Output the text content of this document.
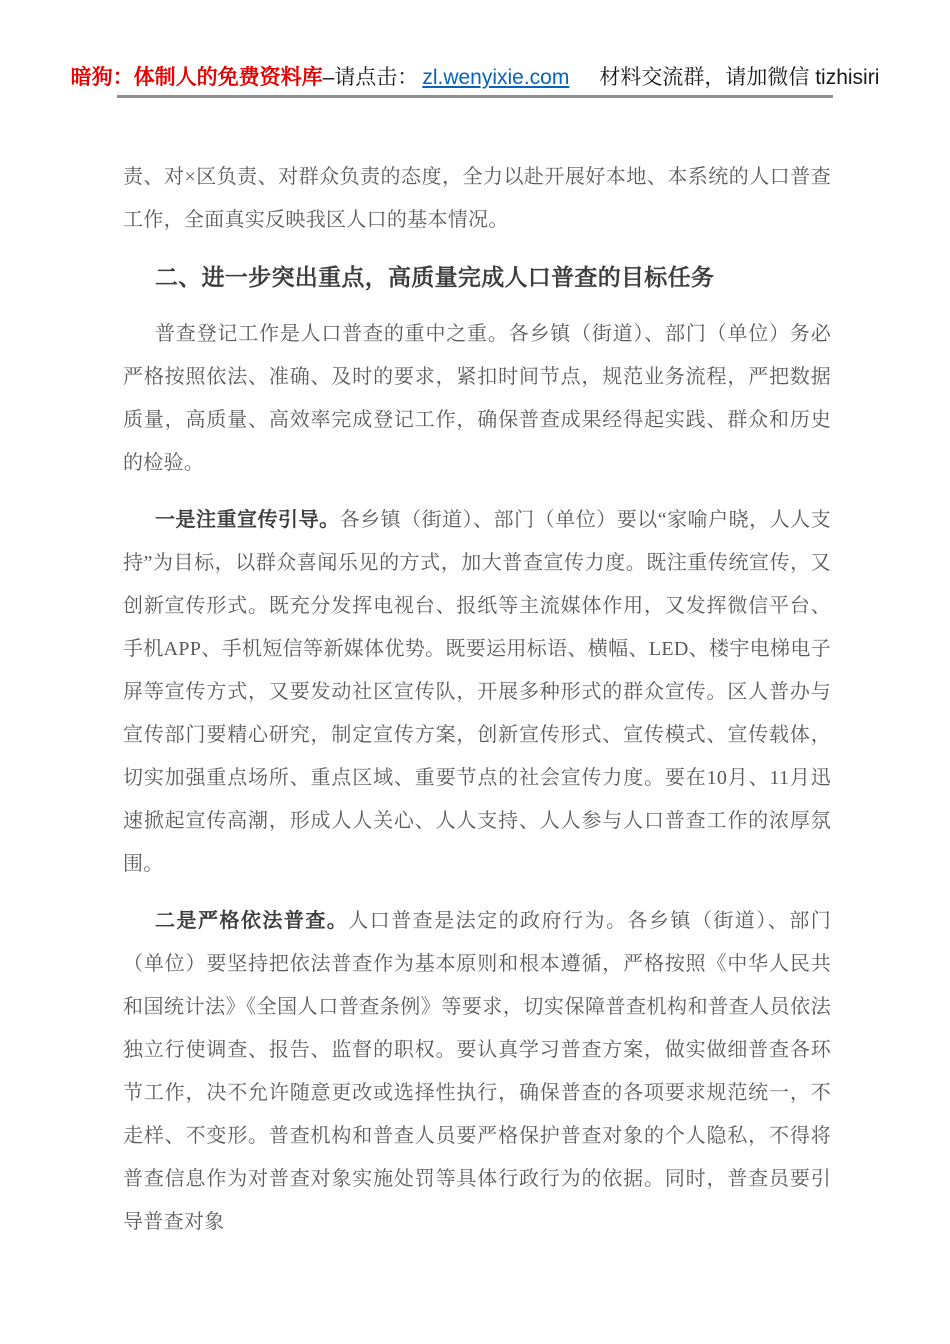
暗狗：体制人的免费资料库–请点击： zl.wenyixie.com 材料交流群，请加微信 tizhisiri

责、对×区负责、对群众负责的态度，全力以赴开展好本地、本系统的人口普查工作，全面真实反映我区人口的基本情况。

二、进一步突出重点，高质量完成人口普查的目标任务

普查登记工作是人口普查的重中之重。各乡镇（街道）、部门（单位）务必严格按照依法、准确、及时的要求，紧扣时间节点，规范业务流程，严把数据质量，高质量、高效率完成登记工作，确保普查成果经得起实践、群众和历史的检验。

一是注重宣传引导。各乡镇（街道）、部门（单位）要以“家喻户晓，人人支持”为目标，以群众喜闻乐见的方式，加大普查宣传力度。既注重传统宣传，又创新宣传形式。既充分发挥电视台、报纸等主流媒体作用，又发挥微信平台、手机APP、手机短信等新媒体优势。既要运用标语、横幅、LED、楼宇电梯电子屏等宣传方式，又要发动社区宣传队，开展多种形式的群众宣传。区人普办与宣传部门要精心研究，制定宣传方案，创新宣传形式、宣传模式、宣传载体，切实加强重点场所、重点区域、重要节点的社会宣传力度。要在10月、11月迅速掀起宣传高潮，形成人人关心、人人支持、人人参与人口普查工作的浓厚氛围。

二是严格依法普查。人口普查是法定的政府行为。各乡镇（街道）、部门（单位）要坚持把依法普查作为基本原则和根本遵循，严格按照《中华人民共和国统计法》《全国人口普查条例》等要求，切实保障普查机构和普查人员依法独立行使调查、报告、监督的职权。要认真学习普查方案，做实做细普查各环节工作，决不允许随意更改或选择性执行，确保普查的各项要求规范统一，不走样、不变形。普查机构和普查人员要严格保护普查对象的个人隐私，不得将普查信息作为对普查对象实施处罚等具体行政行为的依据。同时，普查员要引导普查对象
